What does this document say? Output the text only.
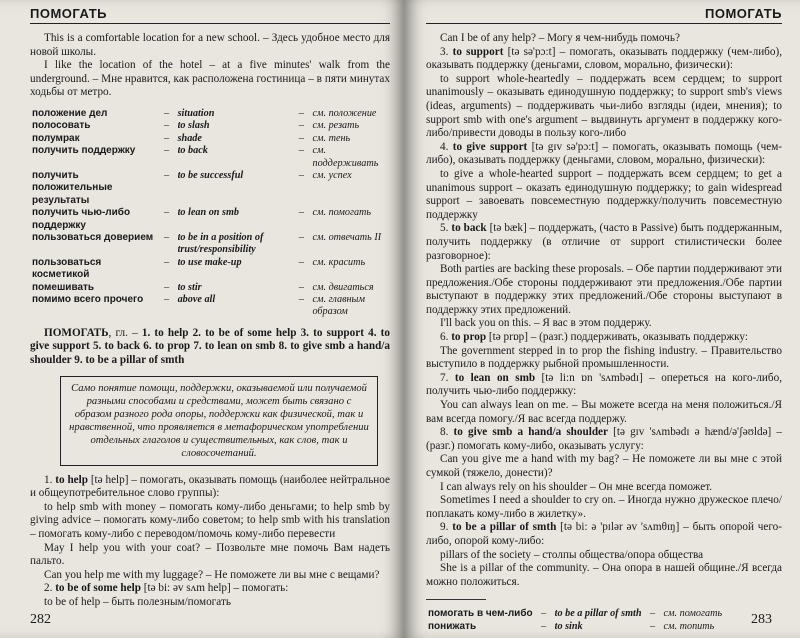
ПОМОГАТЬ

This is a comfortable location for a new school. – Здесь удобное место для новой школы.

I like the location of the hotel – at a five minutes' walk from the underground. – Мне нравится, как расположена гостиница – в пяти минутах ходьбы от метро.

положение дел	–	situation	–	см. положение
полосовать	–	to slash	–	см. резать
полумрак	–	shade	–	см. тень
получить поддержку	–	to back	–	см. поддерживать
получить положительные результаты	–	to be successful	–	см. успех
получить чью-либо поддержку	–	to lean on smb	–	см. помогать
пользоваться доверием	–	to be in a position of trust/responsibility	–	см. отвечать II
пользоваться косметикой	–	to use make-up	–	см. красить
помешивать	–	to stir	–	см. двигаться
помимо всего прочего	–	above all	–	см. главным образом

ПОМОГАТЬ, гл. – 1. to help 2. to be of some help 3. to support 4. to give support 5. to back 6. to prop 7. to lean on smb 8. to give smb a hand/a shoulder 9. to be a pillar of smth

Само понятие помощи, поддержки, оказываемой или получаемой разными способами и средствами, может быть связано с образом разного рода опоры, поддержки как физической, так и нравственной, что проявляется в метафорическом употреблении отдельных глаголов и существительных, как слов, так и словосочетаний.

1. to help [tə help] – помогать, оказывать помощь (наиболее нейтральное и общеупотребительное слово группы):

to help smb with money – помогать кому-либо деньгами; to help smb by giving advice – помогать кому-либо советом; to help smb with his translation – помогать кому-либо с переводом/помочь кому-либо перевести

May I help you with your coat? – Позвольте мне помочь Вам надеть пальто.

Can you help me with my luggage? – Не поможете ли вы мне с вещами?

2. to be of some help [tə bi: əv sʌm help] – помогать:

to be of help – быть полезным/помогать

282
ПОМОГАТЬ

Can I be of any help? – Могу я чем-нибудь помочь?

3. to support [tə sə'pɔ:t] – помогать, оказывать поддержку (чем-либо), оказывать поддержку (деньгами, словом, морально, физически):

to support whole-heartedly – поддержать всем сердцем; to support unanimously – оказывать единодушную поддержку; to support smb's views (ideas, arguments) – поддерживать чьи-либо взгляды (идеи, мнения); to support smb with one's argument – выдвинуть аргумент в поддержку кого-либо/привести доводы в пользу кого-либо

4. to give support [tə gɪv sə'pɔ:t] – помогать, оказывать помощь (чем-либо), оказывать поддержку (деньгами, словом, морально, физически):

to give a whole-hearted support – поддержать всем сердцем; to get a unanimous support – оказать единодушную поддержку; to gain widespread support – завоевать повсеместную поддержку/получить повсеместную поддержку

5. to back [tə bæk] – поддержать, (часто в Passive) быть поддержанным, получить поддержку (в отличие от support стилистически более разговорное):

Both parties are backing these proposals. – Обе партии поддерживают эти предложения./Обе стороны поддерживают эти предложения./Обе партии выступают в поддержку этих предложений./Обе стороны выступают в поддержку этих предложений.

I'll back you on this. – Я вас в этом поддержу.

6. to prop [tə prɒp] – (разг.) поддерживать, оказывать поддержку:

The government stepped in to prop the fishing industry. – Правительство выступило в поддержку рыбной промышленности.

7. to lean on smb [tə li:n ɒn 'sʌmbədɪ] – опереться на кого-либо, получить чью-либо поддержку:

You can always lean on me. – Вы можете всегда на меня положиться./Я вам всегда помогу./Я вас всегда поддержу.

8. to give smb a hand/a shoulder [tə gɪv 'sʌmbədɪ ə hænd/ə'ʃəʊldə] – (разг.) помогать кому-либо, оказывать услугу:

Can you give me a hand with my bag? – Не поможете ли вы мне с этой сумкой (тяжело, донести)?

I can always rely on his shoulder – Он мне всегда поможет.

Sometimes I need a shoulder to cry on. – Иногда нужно дружеское плечо/поплакать кому-либо в жилетку».

9. to be a pillar of smth [tə bi: ə 'pɪlər əv 'sʌmθɪŋ] – быть опорой чего-либо, опорой кому-либо:

pillars of the society – столпы общества/опора общества

She is a pillar of the community. – Она опора в нашей общине./Я всегда можно положиться.

помогать в чем-либо	–	to be a pillar of smth	–	см. помогать
понижать	–	to sink	–	см. топить	283
